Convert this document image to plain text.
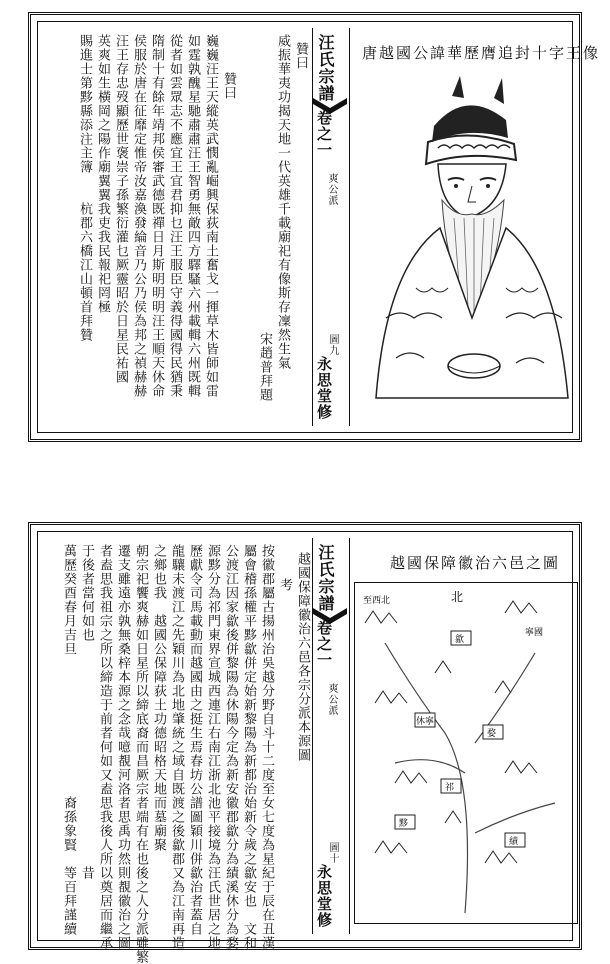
贊曰
威振華夷功揭天地一代英雄千載廟祀有像斯存凜然生氣
宋趙普拜題
贊曰
巍巍汪王天縱英武憫亂崛興保荻南土奮戈一揮草木皆師如雷
如霆孰醜星馳肅肅汪王智勇無敵四方驛騷六州載輯六州既輯
從者如雲眾志不應宜王宜君抑乜汪王服臣守義得國得民猶秉
隋制十有餘年靖邦侯審武德既禪日月斯明明明汪王順天休命
侯服於唐在征靡定惟帝汝嘉渙發綸音乃公乃侯為邦之禎赫赫
汪王存忠歿顯歷世褒崇子孫繁衍灌乜厥靈昭於日星民祐國
英爽如生橫岡之陽作廟翼翼我吏我民報祀罔極
賜進士第黟縣添注主簿　　杭郡六橋江山頓首拜贊	汪氏宗譜
卷之一
爽公派
圖九
永思堂修
唐越國公諱華歷膺追封十字王像
越國保障徽治六邑各宗分派本源圖
考
按徽郡屬古揚州治吳越分野自斗十二度至女七度為星紀于辰在丑漢
屬會稽孫權平黟歙併定始新黎陽為新都治始新令歲之歙安也　文和
公渡江因家歙後併黎陽為休陽今定為新安徽郡歙分為績溪休分為婺
源黟分為祁門東界宣城西連江右南江浙北池平接境為汪氏世居之地
歷獻令司馬載動而越國由之挺生焉春坊公譜圖穎川併歙治者蓋自
龍驤未渡江之先穎川為北地肇統之域自既渡之後歙郡又為江南再造
之鄉也我　越國公保障荻土功德昭格天地而墓廟聚
朝宗祀饗爽赫如日星所以締底裔而昌厥宗者端有在也後之人分派雖繁
遷支雖遠亦孰無桑梓本源之念哉噫覩河洛者思禹功然則覩徽治之圖
者盍思我祖宗之所以締造于前者何如又盍思我後人所以奠居而繼承
于後者當何如也　　　　　　　　　　　　　　　　昔
萬歷癸酉春月吉旦　　　　　　　　　　裔孫象賢　等百拜謹續	汪氏宗譜
卷之一
爽公派
圖十
永思堂修
越國保障徽治六邑之圖
北
歙
休寧
婺
祁
黟
績
寧國
至西北
